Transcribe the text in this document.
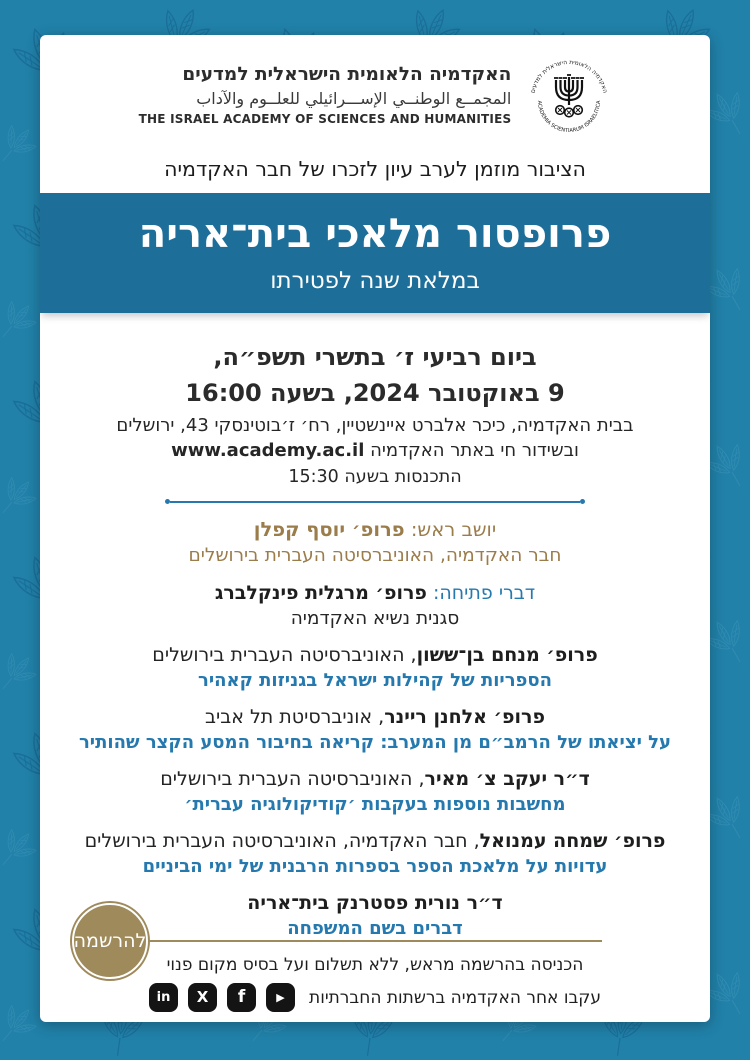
האקדמיה הלאומית הישראלית למדעים
المجمــع الوطنــي الإســـرائيلي للعلــوم والآداب
THE ISRAEL ACADEMY OF SCIENCES AND HUMANITIES
האקדמיה הלאומית הישראלית למדעים
ACADEMIA SCIENTIARUM ISRAELITICA
הציבור מוזמן לערב עיון לזכרו של חבר האקדמיה
פרופסור מלאכי בית־אריה
במלאת שנה לפטירתו
ביום רביעי ז׳ בתשרי תשפ״ה,
9 באוקטובר 2024, בשעה 16:00
בבית האקדמיה, כיכר אלברט איינשטיין, רח׳ ז׳בוטינסקי 43, ירושלים
ובשידור חי באתר האקדמיה www.academy.ac.il
התכנסות בשעה 15:30
יושב ראש: פרופ׳ יוסף קפלן
חבר האקדמיה, האוניברסיטה העברית בירושלים
דברי פתיחה: פרופ׳ מרגלית פינקלברג
סגנית נשיא האקדמיה
פרופ׳ מנחם בן־ששון, האוניברסיטה העברית בירושלים
הספריות של קהילות ישראל בגניזות קאהיר
פרופ׳ אלחנן ריינר, אוניברסיטת תל אביב
על יציאתו של הרמב״ם מן המערב: קריאה בחיבור המסע הקצר שהותיר
ד״ר יעקב צ׳ מאיר, האוניברסיטה העברית בירושלים
מחשבות נוספות בעקבות ׳קודיקולוגיה עברית׳
פרופ׳ שמחה עמנואל, חבר האקדמיה, האוניברסיטה העברית בירושלים
עדויות על מלאכת הספר בספרות הרבנית של ימי הביניים
ד״ר נורית פסטרנק בית־אריה
דברים בשם המשפחה
להרשמה
הכניסה בהרשמה מראש, ללא תשלום ועל בסיס מקום פנוי
עקבו אחר האקדמיה ברשתות החברתיות
▶
f
X
in
